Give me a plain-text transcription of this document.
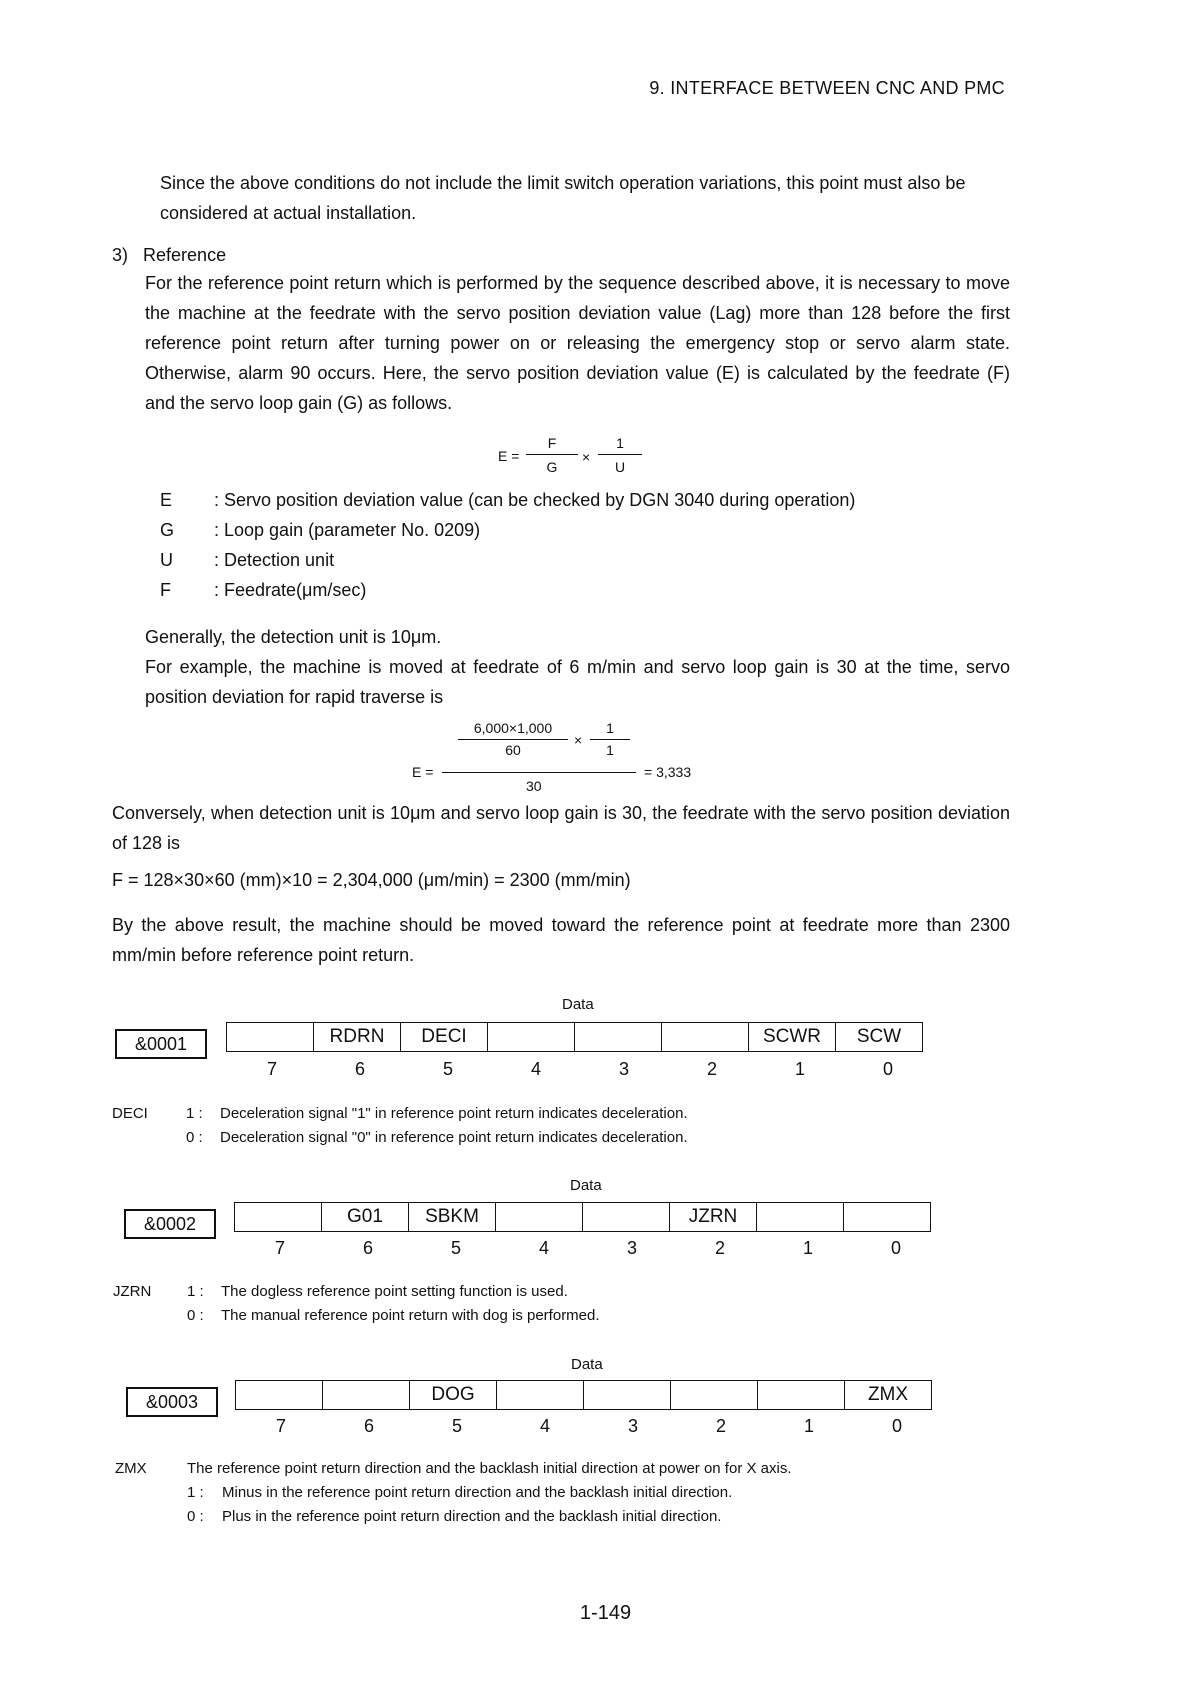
9. INTERFACE BETWEEN CNC AND PMC
Since the above conditions do not include the limit switch operation variations, this point must also be considered at actual installation.
3) Reference
For the reference point return which is performed by the sequence described above, it is necessary to move the machine at the feedrate with the servo position deviation value (Lag) more than 128 before the first reference point return after turning power on or releasing the emergency stop or servo alarm state. Otherwise, alarm 90 occurs. Here, the servo position deviation value (E) is calculated by the feedrate (F) and the servo loop gain (G) as follows.
$E = \frac{F}{G} \times \frac{1}{U}$
E	: Servo position deviation value (can be checked by DGN 3040 during operation)
G	: Loop gain (parameter No. 0209)
U	: Detection unit
F	: Feedrate(μm/sec)
Generally, the detection unit is 10μm.
For example, the machine is moved at feedrate of 6 m/min and servo loop gain is 30 at the time, servo position deviation for rapid traverse is
E =
$\frac{6,000\times 1,000}{60} \times \frac{1}{1}$
30
= 3,333
Conversely, when detection unit is 10μm and servo loop gain is 30, the feedrate with the servo position deviation of 128 is
F = 128×30×60 (mm)×10 = 2,304,000 (μm/min) = 2300 (mm/min)
By the above result, the machine should be moved toward the reference point at feedrate more than 2300 mm/min before reference point return.
Data
&0001
		RDRN	DECI				SCWR	SCW
7	6	5	4	3	2	1	0
DECI	1 : Deceleration signal "1" in reference point return indicates deceleration.
0 : Deceleration signal "0" in reference point return indicates deceleration.
Data
&0002
		G01	SBKM			JZRN		
7	6	5	4	3	2	1	0
JZRN 1 : The dogless reference point setting function is used.
0 : The manual reference point return with dog is performed.
Data
&0003
			DOG					ZMX
7	6	5	4	3	2	1	0
ZMX	The reference point return direction and the backlash initial direction at power on for X axis.
1 : Minus in the reference point return direction and the backlash initial direction.
0 : Plus in the reference point return direction and the backlash initial direction.
1-149
